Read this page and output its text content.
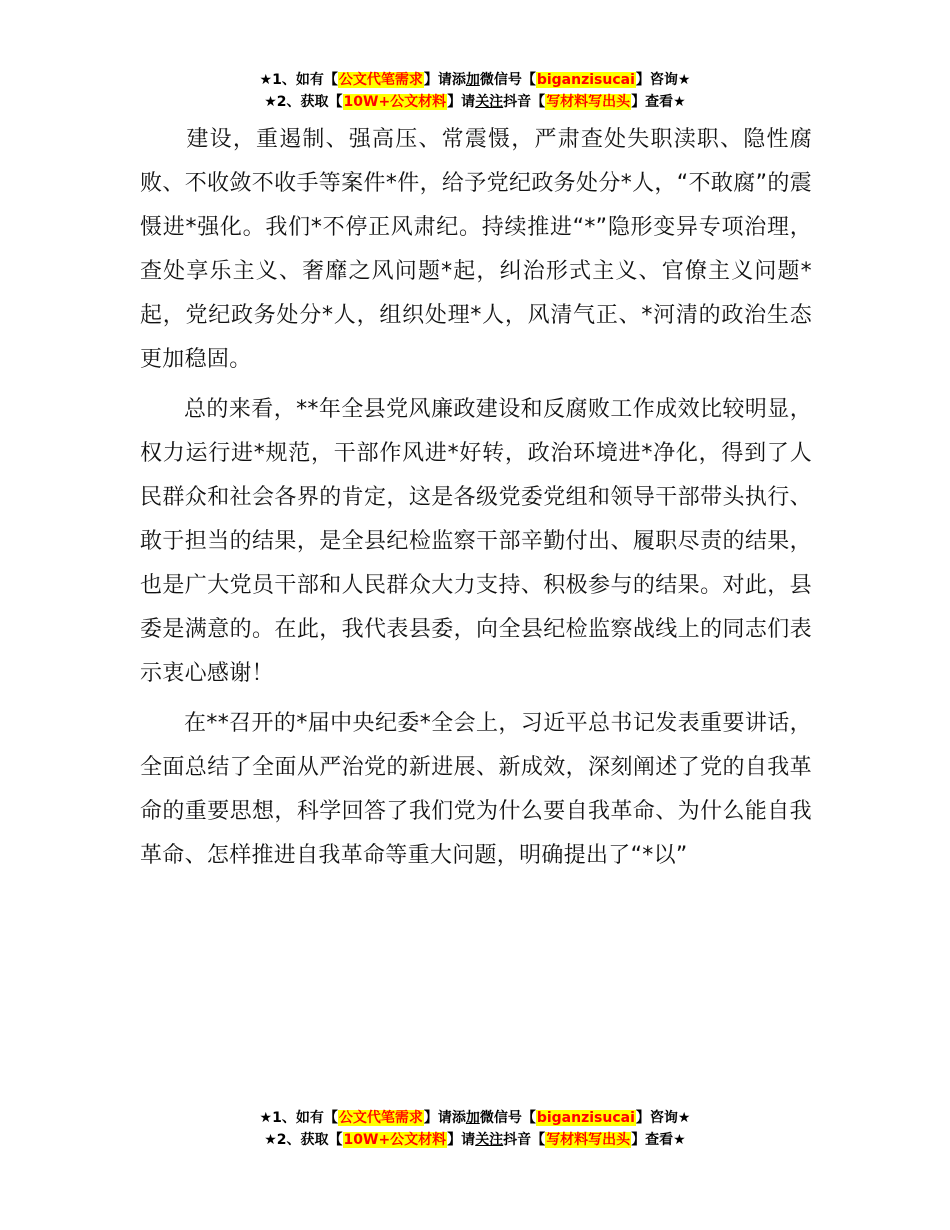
★1、如有【公文代笔需求】请添加微信号【biganzisucai】咨询★
★2、获取【10W+公文材料】请关注抖音【写材料写出头】查看★

　　建设，重遏制、强高压、常震慑，严肃查处失职渎职、隐性腐败、不收敛不收手等案件*件，给予党纪政务处分*人，“不敢腐”的震慑进*强化。我们*不停正风肃纪。持续推进“*”隐形变异专项治理，查处享乐主义、奢靡之风问题*起，纠治形式主义、官僚主义问题*起，党纪政务处分*人，组织处理*人，风清气正、*河清的政治生态更加稳固。

总的来看，**年全县党风廉政建设和反腐败工作成效比较明显，权力运行进*规范，干部作风进*好转，政治环境进*净化，得到了人民群众和社会各界的肯定，这是各级党委党组和领导干部带头执行、敢于担当的结果，是全县纪检监察干部辛勤付出、履职尽责的结果，也是广大党员干部和人民群众大力支持、积极参与的结果。对此，县委是满意的。在此，我代表县委，向全县纪检监察战线上的同志们表示衷心感谢！

在**召开的*届中央纪委*全会上，习近平总书记发表重要讲话，全面总结了全面从严治党的新进展、新成效，深刻阐述了党的自我革命的重要思想，科学回答了我们党为什么要自我革命、为什么能自我革命、怎样推进自我革命等重大问题，明确提出了“*以”

★1、如有【公文代笔需求】请添加微信号【biganzisucai】咨询★
★2、获取【10W+公文材料】请关注抖音【写材料写出头】查看★
